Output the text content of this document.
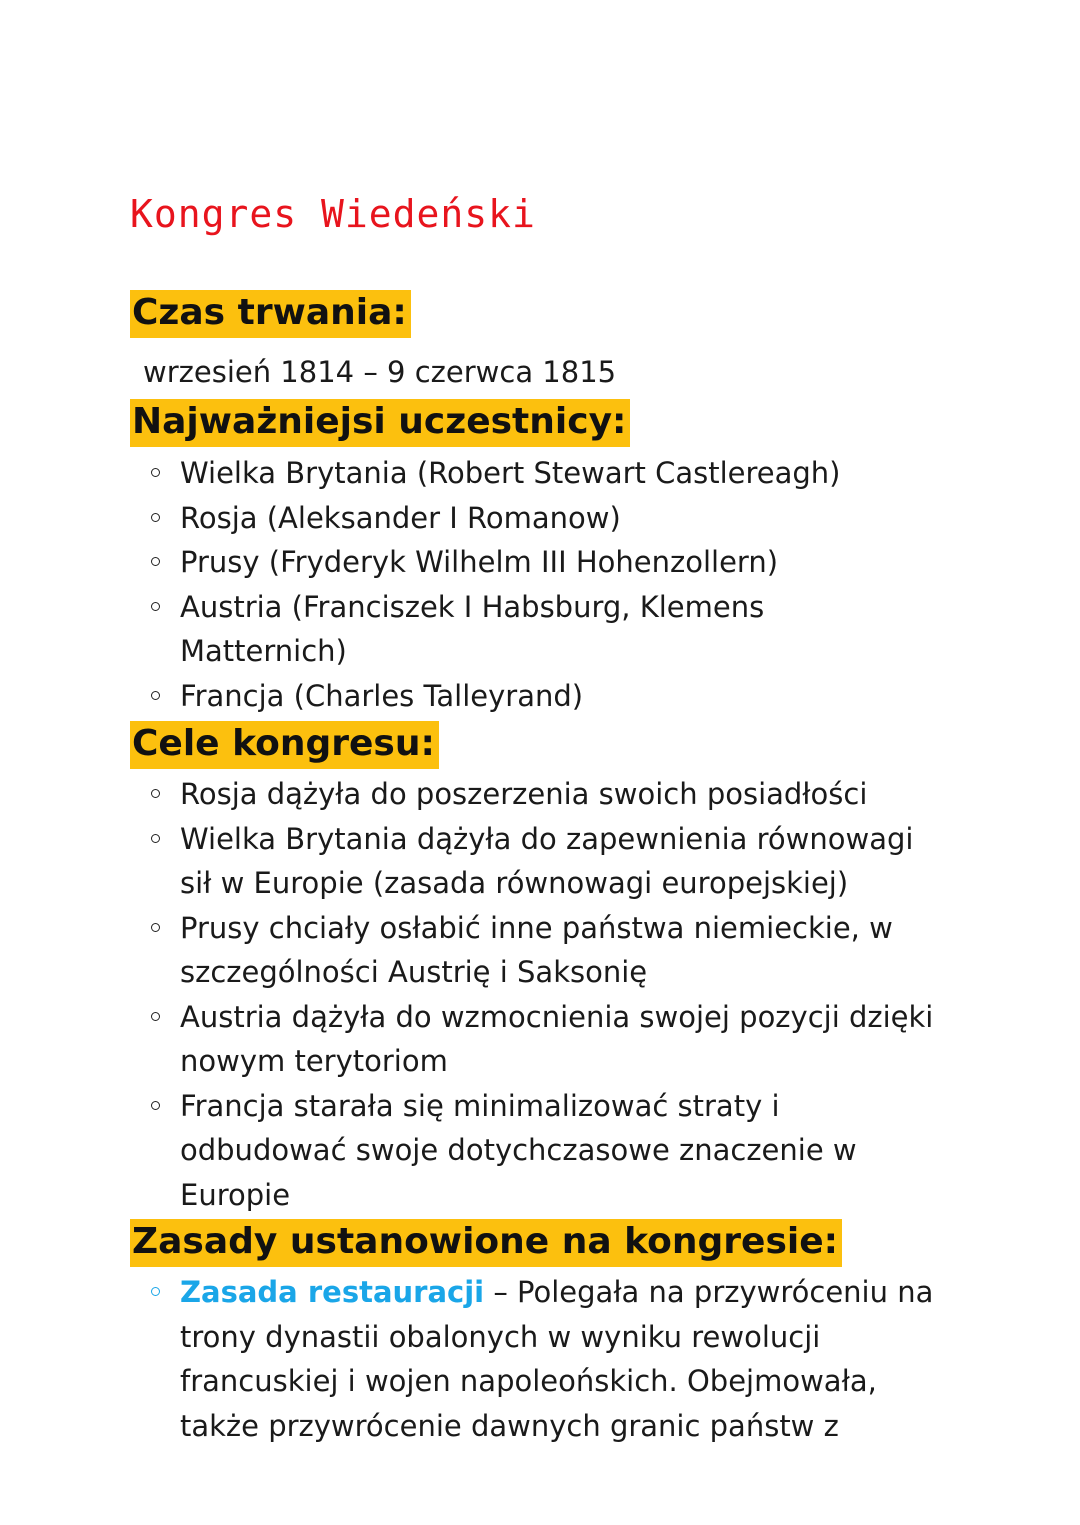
Kongres Wiedeński
Czas trwania:
wrzesień 1814 – 9 czerwca 1815
Najważniejsi uczestnicy:
Wielka Brytania (Robert Stewart Castlereagh)
Rosja (Aleksander I Romanow)
Prusy (Fryderyk Wilhelm III Hohenzollern)
Austria (Franciszek I Habsburg, Klemens
Matternich)
Francja (Charles Talleyrand)
Cele kongresu:
Rosja dążyła do poszerzenia swoich posiadłości
Wielka Brytania dążyła do zapewnienia równowagi
sił w Europie (zasada równowagi europejskiej)
Prusy chciały osłabić inne państwa niemieckie, w
szczególności Austrię i Saksonię
Austria dążyła do wzmocnienia swojej pozycji dzięki
nowym terytoriom
Francja starała się minimalizować straty i
odbudować swoje dotychczasowe znaczenie w
Europie
Zasady ustanowione na kongresie:
Zasada restauracji – Polegała na przywróceniu na
trony dynastii obalonych w wyniku rewolucji
francuskiej i wojen napoleońskich. Obejmowała,
także przywrócenie dawnych granic państw z
